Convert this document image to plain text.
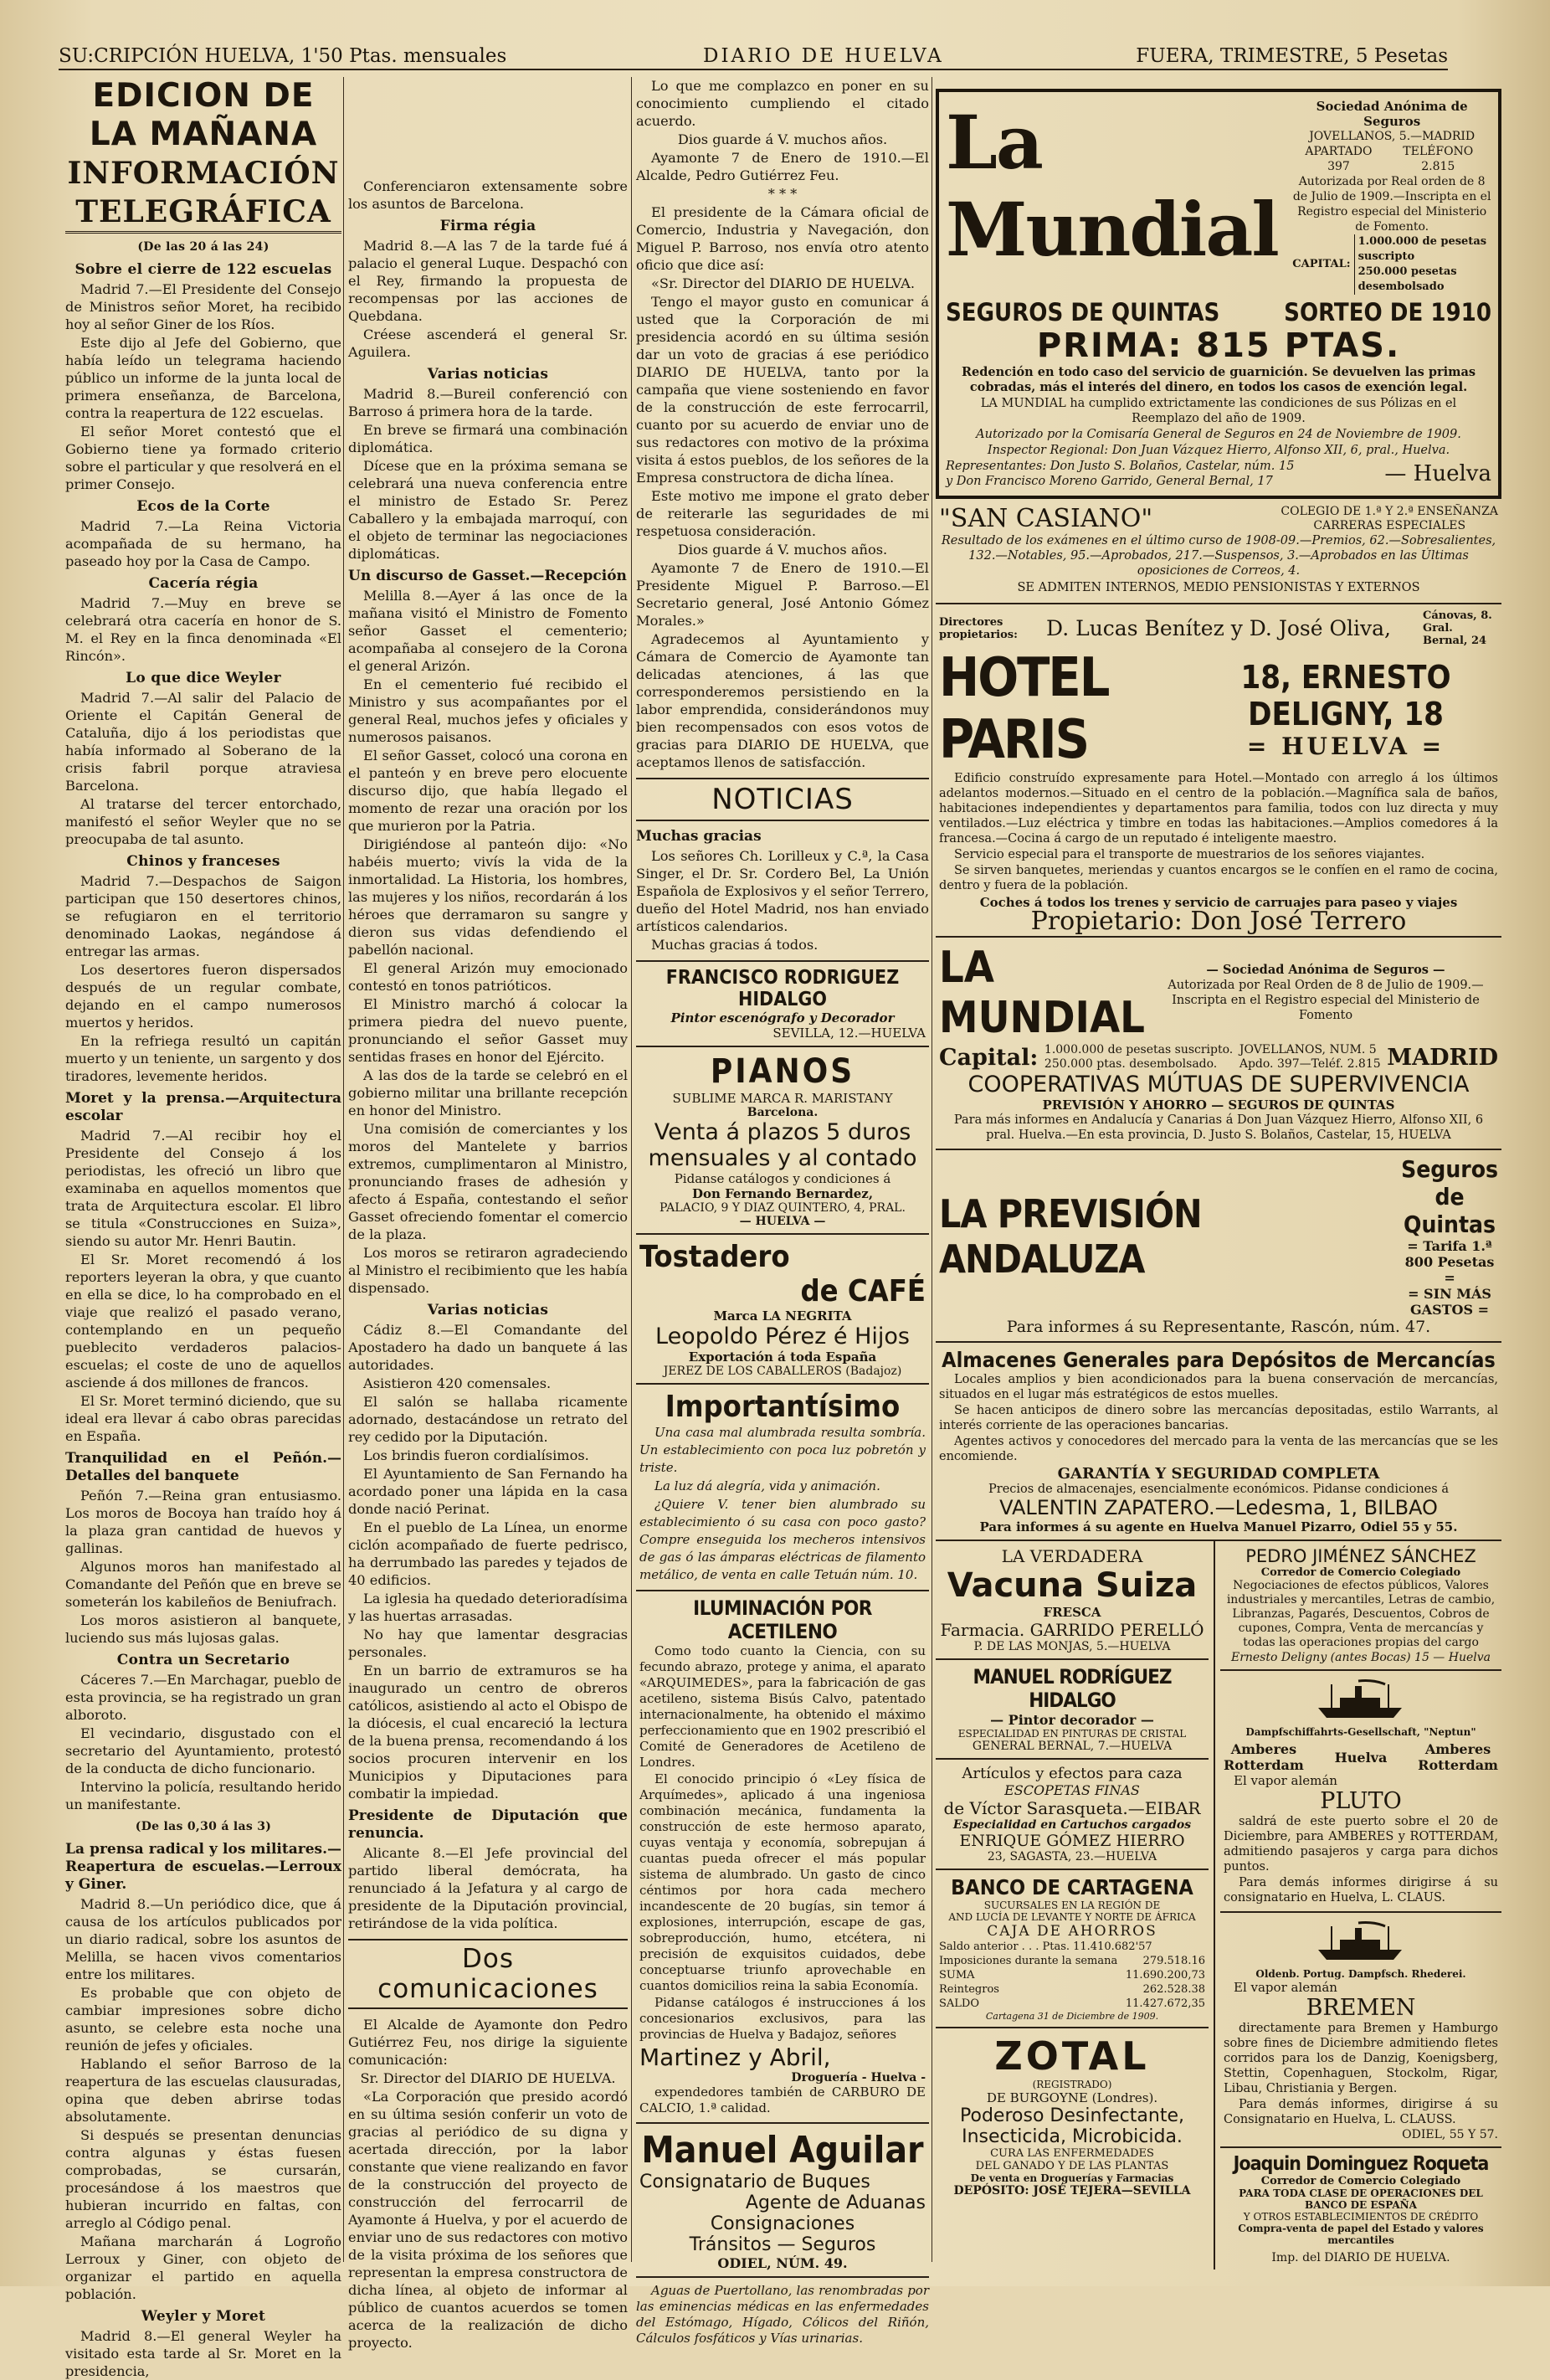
SU:CRIPCIÓN HUELVA, 1'50 Ptas. mensuales	DIARIO DE HUELVA	FUERA, TRIMESTRE, 5 Pesetas
EDICION DE LA MAÑANA
INFORMACIÓN TELEGRÁFICA

(De las 20 á las 24)

Sobre el cierre de 122 escuelas

Madrid 7.—El Presidente del Consejo de Ministros señor Moret, ha recibido hoy al señor Giner de los Ríos.

Este dijo al Jefe del Gobierno, que había leído un telegrama haciendo público un informe de la junta local de primera enseñanza, de Barcelona, contra la reapertura de 122 escuelas.

El señor Moret contestó que el Gobierno tiene ya formado criterio sobre el particular y que resolverá en el primer Consejo.

Ecos de la Corte

Madrid 7.—La Reina Victoria acompañada de su hermano, ha paseado hoy por la Casa de Campo.

Cacería régia

Madrid 7.—Muy en breve se celebrará otra cacería en honor de S. M. el Rey en la finca denominada «El Rincón».

Lo que dice Weyler

Madrid 7.—Al salir del Palacio de Oriente el Capitán General de Cataluña, dijo á los periodistas que había informado al Soberano de la crisis fabril porque atraviesa Barcelona.

Al tratarse del tercer entorchado, manifestó el señor Weyler que no se preocupaba de tal asunto.

Chinos y franceses

Madrid 7.—Despachos de Saigon participan que 150 desertores chinos, se refugiaron en el territorio denominado Laokas, negándose á entregar las armas.

Los desertores fueron dispersados después de un regular combate, dejando en el campo numerosos muertos y heridos.

En la refriega resultó un capitán muerto y un teniente, un sargento y dos tiradores, levemente heridos.

Moret y la prensa.—Arquitectura escolar

Madrid 7.—Al recibir hoy el Presidente del Consejo á los periodistas, les ofreció un libro que examinaba en aquellos momentos que trata de Arquitectura escolar. El libro se titula «Construcciones en Suiza», siendo su autor Mr. Henri Bautin.

El Sr. Moret recomendó á los reporters leyeran la obra, y que cuanto en ella se dice, lo ha comprobado en el viaje que realizó el pasado verano, contemplando en un pequeño pueblecito verdaderos palacios-escuelas; el coste de uno de aquellos asciende á dos millones de francos.

El Sr. Moret terminó diciendo, que su ideal era llevar á cabo obras parecidas en España.

Tranquilidad en el Peñón.—Detalles del banquete

Peñón 7.—Reina gran entusiasmo. Los moros de Bocoya han traído hoy á la plaza gran cantidad de huevos y gallinas.

Algunos moros han manifestado al Comandante del Peñón que en breve se someterán los kabileños de Beniufrach.

Los moros asistieron al banquete, luciendo sus más lujosas galas.

Contra un Secretario

Cáceres 7.—En Marchagar, pueblo de esta provincia, se ha registrado un gran alboroto.

El vecindario, disgustado con el secretario del Ayuntamiento, protestó de la conducta de dicho funcionario.

Intervino la policía, resultando herido un manifestante.

(De las 0,30 á las 3)

La prensa radical y los militares.—Reapertura de escuelas.—Lerroux y Giner.

Madrid 8.—Un periódico dice, que á causa de los artículos publicados por un diario radical, sobre los asuntos de Melilla, se hacen vivos comentarios entre los militares.

Es probable que con objeto de cambiar impresiones sobre dicho asunto, se celebre esta noche una reunión de jefes y oficiales.

Hablando el señor Barroso de la reapertura de las escuelas clausuradas, opina que deben abrirse todas absolutamente.

Si después se presentan denuncias contra algunas y éstas fuesen comprobadas, se cursarán, procesándose á los maestros que hubieran incurrido en faltas, con arreglo al Código penal.

Mañana marcharán á Logroño Lerroux y Giner, con objeto de organizar el partido en aquella población.

Weyler y Moret

Madrid 8.—El general Weyler ha visitado esta tarde al Sr. Moret en la presidencia,

Conferenciaron extensamente sobre los asuntos de Barcelona.

Firma régia

Madrid 8.—A las 7 de la tarde fué á palacio el general Luque. Despachó con el Rey, firmando la propuesta de recompensas por las acciones de Quebdana.

Créese ascenderá el general Sr. Aguilera.

Varias noticias

Madrid 8.—Bureil conferenció con Barroso á primera hora de la tarde.

En breve se firmará una combinación diplomática.

Dícese que en la próxima semana se celebrará una nueva conferencia entre el ministro de Estado Sr. Perez Caballero y la embajada marroquí, con el objeto de terminar las negociaciones diplomáticas.

Un discurso de Gasset.—Recepción

Melilla 8.—Ayer á las once de la mañana visitó el Ministro de Fomento señor Gasset el cementerio; acompañaba al consejero de la Corona el general Arizón.

En el cementerio fué recibido el Ministro y sus acompañantes por el general Real, muchos jefes y oficiales y numerosos paisanos.

El señor Gasset, colocó una corona en el panteón y en breve pero elocuente discurso dijo, que había llegado el momento de rezar una oración por los que murieron por la Patria.

Dirigiéndose al panteón dijo: «No habéis muerto; vivís la vida de la inmortalidad. La Historia, los hombres, las mujeres y los niños, recordarán á los héroes que derramaron su sangre y dieron sus vidas defendiendo el pabellón nacional.

El general Arizón muy emocionado contestó en tonos patrióticos.

El Ministro marchó á colocar la primera piedra del nuevo puente, pronunciando el señor Gasset muy sentidas frases en honor del Ejército.

A las dos de la tarde se celebró en el gobierno militar una brillante recepción en honor del Ministro.

Una comisión de comerciantes y los moros del Mantelete y barrios extremos, cumplimentaron al Ministro, pronunciando frases de adhesión y afecto á España, contestando el señor Gasset ofreciendo fomentar el comercio de la plaza.

Los moros se retiraron agradeciendo al Ministro el recibimiento que les había dispensado.

Varias noticias

Cádiz 8.—El Comandante del Apostadero ha dado un banquete á las autoridades.

Asistieron 420 comensales.

El salón se hallaba ricamente adornado, destacándose un retrato del rey cedido por la Diputación.

Los brindis fueron cordialísimos.

El Ayuntamiento de San Fernando ha acordado poner una lápida en la casa donde nació Perinat.

En el pueblo de La Línea, un enorme ciclón acompañado de fuerte pedrisco, ha derrumbado las paredes y tejados de 40 edificios.

La iglesia ha quedado deterioradísima y las huertas arrasadas.

No hay que lamentar desgracias personales.

En un barrio de extramuros se ha inaugurado un centro de obreros católicos, asistiendo al acto el Obispo de la diócesis, el cual encareció la lectura de la buena prensa, recomendando á los socios procuren intervenir en los Municipios y Diputaciones para combatir la impiedad.

Presidente de Diputación que renuncia.

Alicante 8.—El Jefe provincial del partido liberal demócrata, ha renunciado á la Jefatura y al cargo de presidente de la Diputación provincial, retirándose de la vida política.

Dos comunicaciones

El Alcalde de Ayamonte don Pedro Gutiérrez Feu, nos dirige la siguiente comunicación:

Sr. Director del DIARIO DE HUELVA.

«La Corporación que presido acordó en su última sesión conferir un voto de gracias al periódico de su digna y acertada dirección, por la labor constante que viene realizando en favor de la construcción del proyecto de construcción del ferrocarril de Ayamonte á Huelva, y por el acuerdo de enviar uno de sus redactores con motivo de la visita próxima de los señores que representan la empresa constructora de dicha línea, al objeto de informar al público de cuantos acuerdos se tomen acerca de la realización de dicho proyecto.

Lo que me complazco en poner en su conocimiento cumpliendo el citado acuerdo.

Dios guarde á V. muchos años.

Ayamonte 7 de Enero de 1910.—El Alcalde, Pedro Gutiérrez Feu.

* * *

El presidente de la Cámara oficial de Comercio, Industria y Navegación, don Miguel P. Barroso, nos envía otro atento oficio que dice así:

«Sr. Director del DIARIO DE HUELVA.

Tengo el mayor gusto en comunicar á usted que la Corporación de mi presidencia acordó en su última sesión dar un voto de gracias á ese periódico DIARIO DE HUELVA, tanto por la campaña que viene sosteniendo en favor de la construcción de este ferrocarril, cuanto por su acuerdo de enviar uno de sus redactores con motivo de la próxima visita á estos pueblos, de los señores de la Empresa constructora de dicha línea.

Este motivo me impone el grato deber de reiterarle las seguridades de mi respetuosa consideración.

Dios guarde á V. muchos años.

Ayamonte 7 de Enero de 1910.—El Presidente Miguel P. Barroso.—El Secretario general, José Antonio Gómez Morales.»

Agradecemos al Ayuntamiento y Cámara de Comercio de Ayamonte tan delicadas atenciones, á las que corresponderemos persistiendo en la labor emprendida, considerándonos muy bien recompensados con esos votos de gracias para DIARIO DE HUELVA, que aceptamos llenos de satisfacción.

NOTICIAS

Muchas gracias

Los señores Ch. Lorilleux y C.ª, la Casa Singer, el Dr. Sr. Cordero Bel, La Unión Española de Explosivos y el señor Terrero, dueño del Hotel Madrid, nos han enviado artísticos calendarios.

Muchas gracias á todos.

FRANCISCO RODRIGUEZ HIDALGO
Pintor escenógrafo y Decorador
SEVILLA, 12.—HUELVA
PIANOS
SUBLIME MARCA R. MARISTANY
Barcelona.
Venta á plazos 5 duros mensuales y al contado
Pidanse catálogos y condiciones á
Don Fernando Bernardez,
PALACIO, 9 Y DIAZ QUINTERO, 4, PRAL.
— HUELVA —
Tostadero
de CAFÉ
Marca LA NEGRITA
Leopoldo Pérez é Hijos
Exportación á toda España
JEREZ DE LOS CABALLEROS (Badajoz)
Importantísimo

Una casa mal alumbrada resulta sombría. Un establecimiento con poca luz pobretón y triste.

La luz dá alegría, vida y animación.

¿Quiere V. tener bien alumbrado su establecimiento ó su casa con poco gasto? Compre enseguida los mecheros intensivos de gas ó las ámparas eléctricas de filamento metálico, de venta en calle Tetuán núm. 10.

ILUMINACIÓN POR ACETILENO

Como todo cuanto la Ciencia, con su fecundo abrazo, protege y anima, el aparato «ARQUIMEDES», para la fabricación de gas acetileno, sistema Bisús Calvo, patentado internacionalmente, ha obtenido el máximo perfeccionamiento que en 1902 prescribió el Comité de Generadores de Acetileno de Londres.

El conocido principio ó «Ley física de Arquímedes», aplicado á una ingeniosa combinación mecánica, fundamenta la construcción de este hermoso aparato, cuyas ventaja y economía, sobrepujan á cuantas pueda ofrecer el más popular sistema de alumbrado. Un gasto de cinco céntimos por hora cada mechero incandescente de 20 bugías, sin temor á explosiones, interrupción, escape de gas, sobreproducción, humo, etcétera, ni precisión de exquisitos cuidados, debe conceptuarse triunfo aprovechable en cuantos domicilios reina la sabia Economía.

Pidanse catálogos é instrucciones á los concesionarios exclusivos, para las provincias de Huelva y Badajoz, señores

Martinez y Abril,
Droguería - Huelva -

expendedores también de CARBURO DE CALCIO, 1.ª calidad.

Manuel Aguilar
Consignatario de Buques
Agente de Aduanas
Consignaciones
Tránsitos — Seguros
ODIEL, NÚM. 49.

Aguas de Puertollano, las renombradas por las eminencias médicas en las enfermedades del Estómago, Hígado, Cólicos del Riñón, Cálculos fosfáticos y Vías urinarias.

La Mundial
Sociedad Anónima de Seguros
JOVELLANOS, 5.—MADRID
APARTADO 397
TELÉFONO 2.815
Autorizada por Real orden de 8 de Julio de 1909.—Inscripta en el Registro especial del Ministerio de Fomento.
CAPITAL:
1.000.000 de pesetas suscripto
250.000 pesetas desembolsado
SEGUROS DE QUINTAS	SORTEO DE 1910
PRIMA: 815 PTAS.

Redención en todo caso del servicio de guarnición. Se devuelven las primas cobradas, más el interés del dinero, en todos los casos de exención legal.

LA MUNDIAL ha cumplido extrictamente las condiciones de sus Pólizas en el Reemplazo del año de 1909.

Autorizado por la Comisaría General de Seguros en 24 de Noviembre de 1909.

Inspector Regional: Don Juan Vázquez Hierro, Alfonso XII, 6, pral., Huelva.

Representantes: Don Justo S. Bolaños, Castelar, núm. 15
y Don Francisco Moreno Garrido, General Bernal, 17	— Huelva
"SAN CASIANO"	COLEGIO DE 1.ª Y 2.ª ENSEÑANZA
CARRERAS ESPECIALES

Resultado de los exámenes en el último curso de 1908-09.—Premios, 62.—Sobresalientes, 132.—Notables, 95.—Aprobados, 217.—Suspensos, 3.—Aprobados en las Últimas oposiciones de Correos, 4.

SE ADMITEN INTERNOS, MEDIO PENSIONISTAS Y EXTERNOS

Directores propietarios: D. Lucas Benítez y D. José Oliva,
Cánovas, 8. Gral. Bernal, 24
HOTEL PARIS
18, ERNESTO DELIGNY, 18
= HUELVA =

Edificio construído expresamente para Hotel.—Montado con arreglo á los últimos adelantos modernos.—Situado en el centro de la población.—Magnífica sala de baños, habitaciones independientes y departamentos para familia, todos con luz directa y muy ventilados.—Luz eléctrica y timbre en todas las habitaciones.—Amplios comedores á la francesa.—Cocina á cargo de un reputado é inteligente maestro.

Servicio especial para el transporte de muestrarios de los señores viajantes.

Se sirven banquetes, meriendas y cuantos encargos se le confíen en el ramo de cocina, dentro y fuera de la población.

Coches á todos los trenes y servicio de carruajes para paseo y viajes

Propietario: Don José Terrero

LA MUNDIAL
— Sociedad Anónima de Seguros —
Autorizada por Real Orden de 8 de Julio de 1909.—Inscripta en el Registro especial del Ministerio de Fomento
Capital: 1.000.000 de pesetas suscripto.
250.000 ptas. desembolsado.
JOVELLANOS, NUM. 5
Apdo. 397—Teléf. 2.815 MADRID
COOPERATIVAS MÚTUAS DE SUPERVIVENCIA
PREVISIÓN Y AHORRO — SEGUROS DE QUINTAS

Para más informes en Andalucía y Canarias á Don Juan Vázquez Hierro, Alfonso XII, 6 pral. Huelva.—En esta provincia, D. Justo S. Bolaños, Castelar, 15, HUELVA

LA PREVISIÓN ANDALUZA
Seguros de Quintas
= Tarifa 1.ª 800 Pesetas =
= SIN MÁS GASTOS =
Para informes á su Representante, Rascón, núm. 47.
Almacenes Generales para Depósitos de Mercancías

Locales amplios y bien acondicionados para la buena conservación de mercancías, situados en el lugar más estratégicos de estos muelles.

Se hacen anticipos de dinero sobre las mercancías depositadas, estilo Warrants, al interés corriente de las operaciones bancarias.

Agentes activos y conocedores del mercado para la venta de las mercancías que se les encomiende.

GARANTÍA Y SEGURIDAD COMPLETA
Precios de almacenajes, esencialmente económicos. Pidanse condiciones á
VALENTIN ZAPATERO.—Ledesma, 1, BILBAO
Para informes á su agente en Huelva Manuel Pizarro, Odiel 55 y 55.
LA VERDADERA
Vacuna Suiza
FRESCA
Farmacia. GARRIDO PERELLÓ
P. DE LAS MONJAS, 5.—HUELVA
MANUEL RODRÍGUEZ HIDALGO
— Pintor decorador —
ESPECIALIDAD EN PINTURAS DE CRISTAL
GENERAL BERNAL, 7.—HUELVA
Artículos y efectos para caza
ESCOPETAS FINAS
de Víctor Sarasqueta.—EIBAR
Especialidad en Cartuchos cargados
ENRIQUE GÓMEZ HIERRO
23, SAGASTA, 23.—HUELVA
BANCO DE CARTAGENA
SUCURSALES EN LA REGIÓN DE
AND LUCÍA DE LEVANTE Y NORTE DE ÁFRICA
CAJA DE AHORROS
Saldo anterior . . . Ptas. 11.410.682'57
Imposiciones durante la semana 279.518.16
SUMA	11.690.200,73
Reintegros	262.528.38
SALDO	11.427.672,35
Cartagena 31 de Diciembre de 1909.
ZOTAL
(REGISTRADO)
DE BURGOYNE (Londres).
Poderoso Desinfectante,
Insecticida, Microbicida.
CURA LAS ENFERMEDADES
DEL GANADO Y DE LAS PLANTAS
De venta en Droguerías y Farmacias
DEPÓSITO: JOSÉ TEJERA—SEVILLA
PEDRO JIMÉNEZ SÁNCHEZ
Corredor de Comercio Colegiado

Negociaciones de efectos públicos, Valores industriales y mercantiles, Letras de cambio, Libranzas, Pagarés, Descuentos, Cobros de cupones, Compra, Venta de mercancías y todas las operaciones propias del cargo

Ernesto Deligny (antes Bocas) 15 — Huelva
Dampfschiffahrts-Gesellschaft, "Neptun"
Amberes
Rotterdam Huelva	Amberes
Rotterdam
El vapor alemán
PLUTO

saldrá de este puerto sobre el 20 de Diciembre, para AMBERES y ROTTERDAM, admitiendo pasajeros y carga para dichos puntos.

Para demás informes dirigirse á su consignatario en Huelva, L. CLAUS.

Oldenb. Portug. Dampfsch. Rhederei.
El vapor alemán
BREMEN

directamente para Bremen y Hamburgo sobre fines de Diciembre admitiendo fletes corridos para los de Danzig, Koenigsberg, Stettin, Copenhaguen, Stockolm, Rigar, Libau, Christiania y Bergen.

Para demás informes, dirigirse á su Consignatario en Huelva, L. CLAUSS.

ODIEL, 55 Y 57.
Joaquin Dominguez Roqueta
Corredor de Comercio Colegiado
PARA TODA CLASE DE OPERACIONES DEL BANCO DE ESPAÑA
Y OTROS ESTABLECIMIENTOS DE CRÉDITO
Compra-venta de papel del Estado y valores mercantiles
Imp. del DIARIO DE HUELVA.
